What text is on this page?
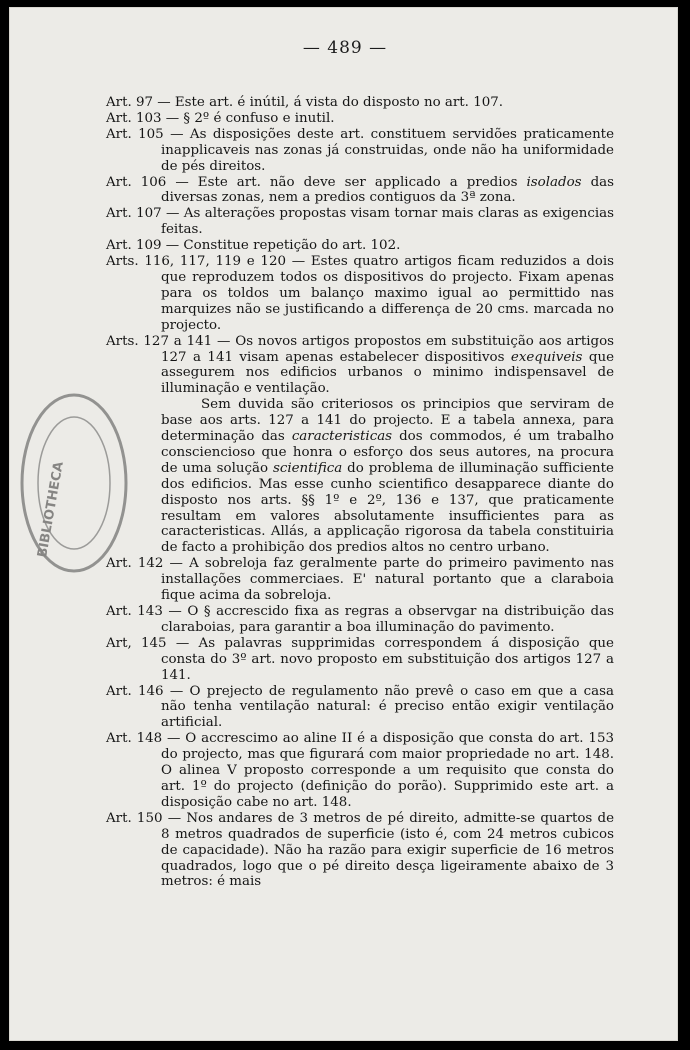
— 489 —
BIBLIOTHECA

Art. 97 — Este art. é inútil, á vista do disposto no art. 107.

Art. 103 — § 2º é confuso e inutil.

Art. 105 — As disposições deste art. constituem servidões praticamente inapplicaveis nas zonas já construidas, onde não ha uniformidade de pés direitos.

Art. 106 — Este art. não deve ser applicado a predios isolados das diversas zonas, nem a predios contiguos da 3ª zona.

Art. 107 — As alterações propostas visam tornar mais claras as exigencias feitas.

Art. 109 — Constitue repetição do art. 102.

Arts. 116, 117, 119 e 120 — Estes quatro artigos ficam reduzidos a dois que reproduzem todos os dispositivos do projecto. Fixam apenas para os toldos um balanço maximo igual ao permittido nas marquizes não se justificando a differença de 20 cms. marcada no projecto.

Arts. 127 a 141 — Os novos artigos propostos em substituição aos artigos 127 a 141 visam apenas estabelecer dispositivos exequiveis que assegurem nos edificios urbanos o minimo indispensavel de illuminação e ventilação.

Sem duvida são criteriosos os principios que serviram de base aos arts. 127 a 141 do projecto. E a tabela annexa, para determinação das caracteristicas dos commodos, é um trabalho consciencioso que honra o esforço dos seus autores, na procura de uma solução scientifica do problema de illuminação sufficiente dos edificios. Mas esse cunho scientifico desapparece diante do disposto nos arts. §§ 1º e 2º, 136 e 137, que praticamente resultam em valores absolutamente insufficientes para as caracteristicas. Allás, a applicação rigorosa da tabela constituiria de facto a prohibição dos predios altos no centro urbano.

Art. 142 — A sobreloja faz geralmente parte do primeiro pavimento nas installações commerciaes. E' natural portanto que a claraboia fique acima da sobreloja.

Art. 143 — O § accrescido fixa as regras a observgar na distribuição das claraboias, para garantir a boa illuminação do pavimento.

Art, 145 — As palavras supprimidas correspondem á disposição que consta do 3º art. novo proposto em substituição dos artigos 127 a 141.

Art. 146 — O prejecto de regulamento não prevê o caso em que a casa não tenha ventilação natural: é preciso então exigir ventilação artificial.

Art. 148 — O accrescimo ao aline II é a disposição que consta do art. 153 do projecto, mas que figurará com maior propriedade no art. 148. O alinea V proposto corresponde a um requisito que consta do art. 1º do projecto (definição do porão). Supprimido este art. a disposição cabe no art. 148.

Art. 150 — Nos andares de 3 metros de pé direito, admitte-se quartos de 8 metros quadrados de superficie (isto é, com 24 metros cubicos de capacidade). Não ha razão para exigir superficie de 16 metros quadrados, logo que o pé direito desça ligeiramente abaixo de 3 metros: é mais
